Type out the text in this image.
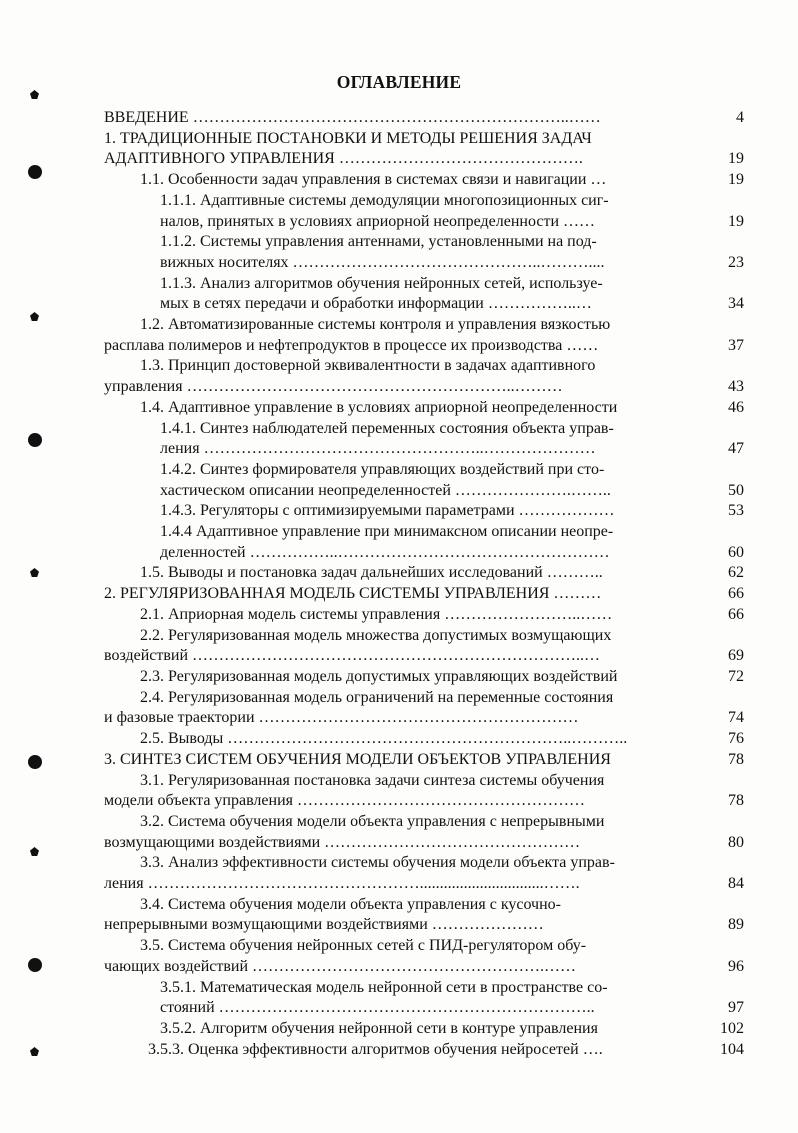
ОГЛАВЛЕНИЕ
ВВЕДЕНИЕ ……………………………………………………………..……	4
1. ТРАДИЦИОННЫЕ ПОСТАНОВКИ И МЕТОДЫ РЕШЕНИЯ ЗАДАЧ
АДАПТИВНОГО УПРАВЛЕНИЯ ……………………………………….	19
1.1. Особенности задач управления в системах связи и навигации …	19
1.1.1. Адаптивные системы демодуляции многопозиционных сиг-
налов, принятых в условиях априорной неопределенности ……	19
1.1.2. Системы управления антеннами, установленными на под-
вижных носителях ………………………………………..………....	23
1.1.3. Анализ алгоритмов обучения нейронных сетей, используе-
мых в сетях передачи и обработки информации ……………..…	34
1.2. Автоматизированные системы контроля и управления вязкостью
расплава полимеров и нефтепродуктов в процессе их производства ……	37
1.3. Принцип достоверной эквивалентности в задачах адаптивного
управления ……………………………………………………..………	43
1.4. Адаптивное управление в условиях априорной неопределенности	46
1.4.1. Синтез наблюдателей переменных состояния объекта управ-
ления ……………………………………………..…………………	47
1.4.2. Синтез формирователя управляющих воздействий при сто-
хастическом описании неопределенностей ………………….……..	50
1.4.3. Регуляторы с оптимизируемыми параметрами ………………	53
1.4.4 Адаптивное управление при минимаксном описании неопре-
деленностей ……………..……………………………………………	60
1.5. Выводы и постановка задач дальнейших исследований ………..	62
2. РЕГУЛЯРИЗОВАННАЯ МОДЕЛЬ СИСТЕМЫ УПРАВЛЕНИЯ ………	66
2.1. Априорная модель системы управления ……………………..……	66
2.2. Регуляризованная модель множества допустимых возмущающих
воздействий ………………………………………………………………..…	69
2.3. Регуляризованная модель допустимых управляющих воздействий	72
2.4. Регуляризованная модель ограничений на переменные состояния
и фазовые траектории ……………………………………………………	74
2.5. Выводы ………………………………………………………..………..	76
3. СИНТЕЗ СИСТЕМ ОБУЧЕНИЯ МОДЕЛИ ОБЪЕКТОВ УПРАВЛЕНИЯ	78
3.1. Регуляризованная постановка задачи синтеза системы обучения
модели объекта управления ………………………………………………	78
3.2. Система обучения модели объекта управления с непрерывными
возмущающими воздействиями …………………………………………	80
3.3. Анализ эффективности системы обучения модели объекта управ-
ления ……………………………………………...............................…….	84
3.4. Система обучения модели объекта управления с кусочно-
непрерывными возмущающими воздействиями …………………	89
3.5. Система обучения нейронных сетей с ПИД-регулятором обу-
чающих воздействий ……………………………………………….……	96
3.5.1. Математическая модель нейронной сети в пространстве со-
стояний ……………………………………………………………..	97
3.5.2. Алгоритм обучения нейронной сети в контуре управления	102
3.5.3. Оценка эффективности алгоритмов обучения нейросетей ….	104
